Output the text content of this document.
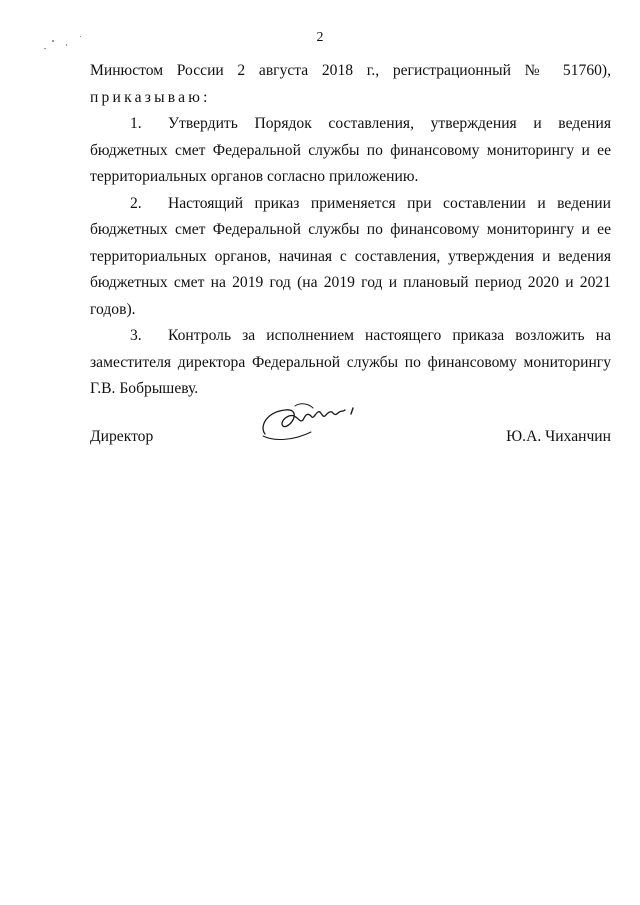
2

Минюстом России 2 августа 2018 г., регистрационный № 51760),

приказываю:

1. Утвердить Порядок составления, утверждения и ведения бюджетных смет Федеральной службы по финансовому мониторингу и ее территориальных органов согласно приложению.

2. Настоящий приказ применяется при составлении и ведении бюджетных смет Федеральной службы по финансовому мониторингу и ее территориальных органов, начиная с составления, утверждения и ведения бюджетных смет на 2019 год (на 2019 год и плановый период 2020 и 2021 годов).

3. Контроль за исполнением настоящего приказа возложить на заместителя директора Федеральной службы по финансовому мониторингу Г.В. Бобрышеву.

Директор	Ю.А. Чиханчин
